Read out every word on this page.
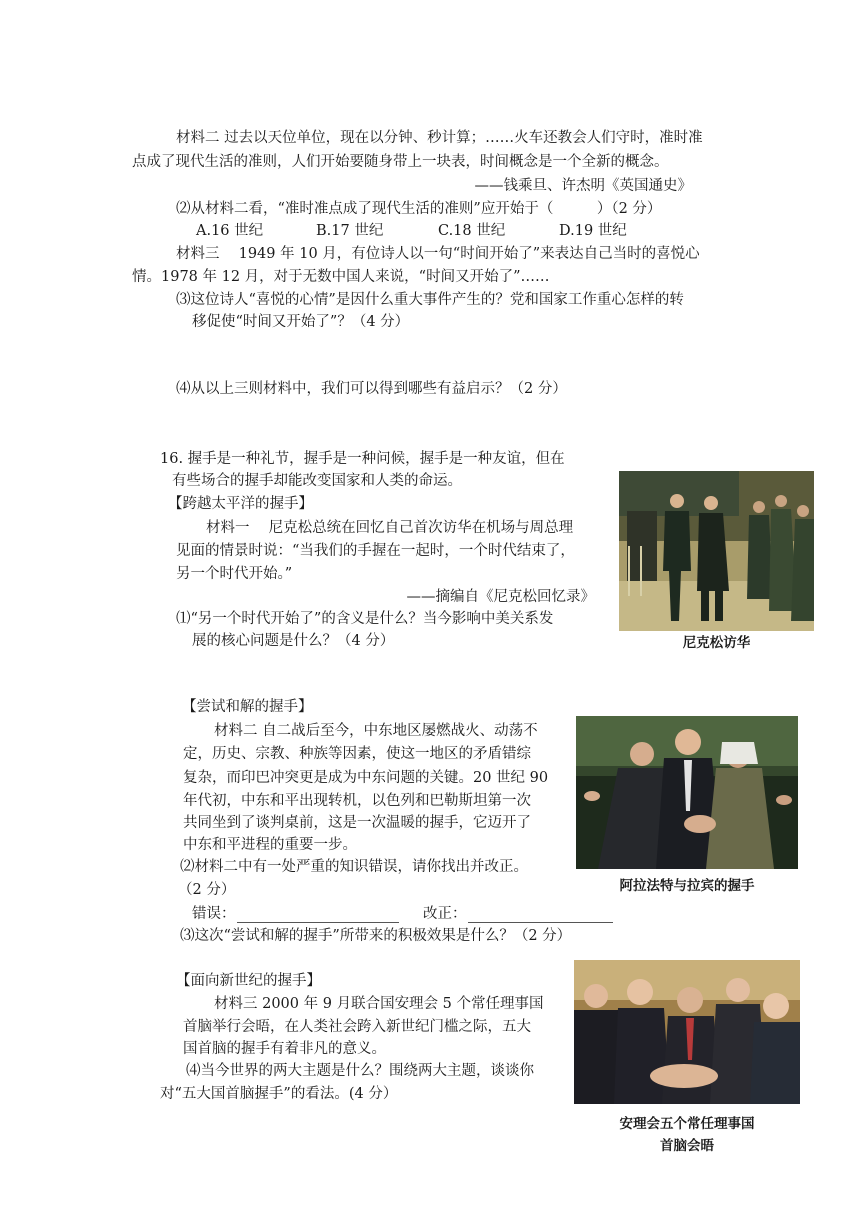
材料二 过去以天位单位，现在以分钟、秒计算；……火车还教会人们守时，准时准
点成了现代生活的准则，人们开始要随身带上一块表，时间概念是一个全新的概念。
——钱乘旦、许杰明《英国通史》
⑵从材料二看，“准时准点成了现代生活的准则”应开始于（　　　）（2 分）
A.16 世纪	B.17 世纪	C.18 世纪	D.19 世纪
材料三　 1949 年 10 月，有位诗人以一句“时间开始了”来表达自己当时的喜悦心
情。1978 年 12 月，对于无数中国人来说，“时间又开始了”……
⑶这位诗人“喜悦的心情”是因什么重大事件产生的？党和国家工作重心怎样的转
移促使“时间又开始了”？（4 分）
⑷从以上三则材料中，我们可以得到哪些有益启示？（2 分）
16. 握手是一种礼节，握手是一种问候，握手是一种友谊，但在
有些场合的握手却能改变国家和人类的命运。
【跨越太平洋的握手】
材料一　 尼克松总统在回忆自己首次访华在机场与周总理
见面的情景时说：“当我们的手握在一起时，一个时代结束了，
另一个时代开始。”
——摘编自《尼克松回忆录》
⑴“另一个时代开始了”的含义是什么？当今影响中美关系发
展的核心问题是什么？（4 分）	尼克松访华
【尝试和解的握手】
材料二 自二战后至今，中东地区屡燃战火、动荡不
定，历史、宗教、种族等因素，使这一地区的矛盾错综
复杂，而印巴冲突更是成为中东问题的关键。20 世纪 90
年代初，中东和平出现转机，以色列和巴勒斯坦第一次
共同坐到了谈判桌前，这是一次温暖的握手，它迈开了
中东和平进程的重要一步。
⑵材料二中有一处严重的知识错误，请你找出并改正。
（2 分）
错误：	改正：
⑶这次“尝试和解的握手”所带来的积极效果是什么？（2 分）
阿拉法特与拉宾的握手
【面向新世纪的握手】
材料三 2000 年 9 月联合国安理会 5 个常任理事国
首脑举行会晤，在人类社会跨入新世纪门槛之际，五大
国首脑的握手有着非凡的意义。
⑷当今世界的两大主题是什么？围绕两大主题，谈谈你
对“五大国首脑握手”的看法。(4 分）
安理会五个常任理事国
首脑会晤
